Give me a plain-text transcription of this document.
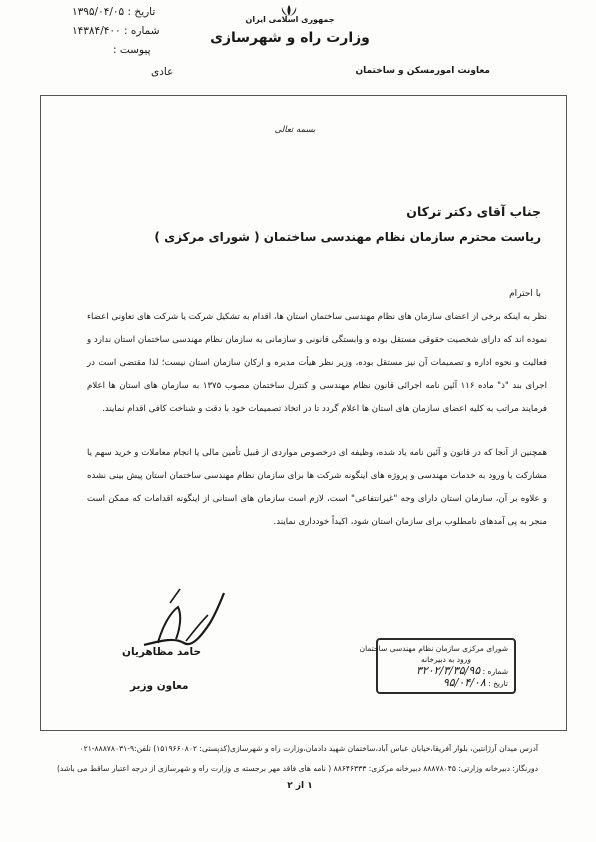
تاریخ : ۱۳۹۵/۰۴/۰۵
شماره : ۱۴۳۸۴/۴۰۰
پیوست :
عادی
جمهوری اسلامی ایران
وزارت راه و شهرسازی
معاونت امورمسکن و ساختمان
بسمه تعالی
جناب آقای دکتر ترکان
ریاست محترم سازمان نظام مهندسی ساختمان ( شورای مرکزی )
با احترام
نظر به اینکه برخی از اعضای سازمان های نظام مهندسی ساختمان استان ها، اقدام به تشکیل شرکت یا شرکت های تعاونی اعضاء نموده اند که دارای شخصیت حقوقی مستقل بوده و وابستگی قانونی و سازمانی به سازمان نظام مهندسی ساختمان استان ندارد و فعالیت و نحوه اداره و تصمیمات آن نیز مستقل بوده، وزیر نظر هیأت مدیره و ارکان سازمان استان نیست؛ لذا مقتضی است در اجرای بند "ذ" ماده ۱۱۶ آئین نامه اجرائی قانون نظام مهندسی و کنترل ساختمان مصوب ۱۳۷۵ به سازمان های استان ها اعلام فرمایند مراتب به کلیه اعضای سازمان های استان ها اعلام گردد تا در اتخاذ تصمیمات خود با دقت و شناخت کافی اقدام نمایند.
همچنین از آنجا که در قانون و آئین نامه یاد شده، وظیفه ای درخصوص مواردی از قبیل تأمین مالی یا انجام معاملات و خرید سهم یا مشارکت یا ورود به خدمات مهندسی و پروژه های اینگونه شرکت ها برای سازمان نظام مهندسی ساختمان استان پیش بینی نشده و علاوه بر آن، سازمان استان دارای وجه "غیرانتفاعی" است، لازم است سازمان های استانی از اینگونه اقدامات که ممکن است منجر به پی آمدهای نامطلوب برای سازمان استان شود، اکیداً خودداری نمایند.
حامد مظاهریان
معاون وزیر
شورای مرکزی سازمان نظام مهندسی ساختمان
ورود به دبیرخانه
شماره : ۳۲۰۲/۳/۳۵/۹۵
تاریخ : ۹۵/۰۴/۰۸
آدرس میدان آرژانتین، بلوار آفریقا،خیابان عباس آباد،ساختمان شهید دادمان،وزارت راه و شهرسازی(کدپستی: ۱۵۱۹۶۶۰۸۰۲) تلفن:۹-۸۸۸۷۸۰۳۱-۰۲۱
دورنگار: دبیرخانه وزارتی: ۸۸۸۷۸۰۴۵ دبیرخانه مرکزی: ۸۸۶۴۶۳۳۳ ( نامه های فاقد مهر برجسته ی وزارت راه و شهرسازی از درجه اعتبار ساقط می باشد)
۱ از ۲
